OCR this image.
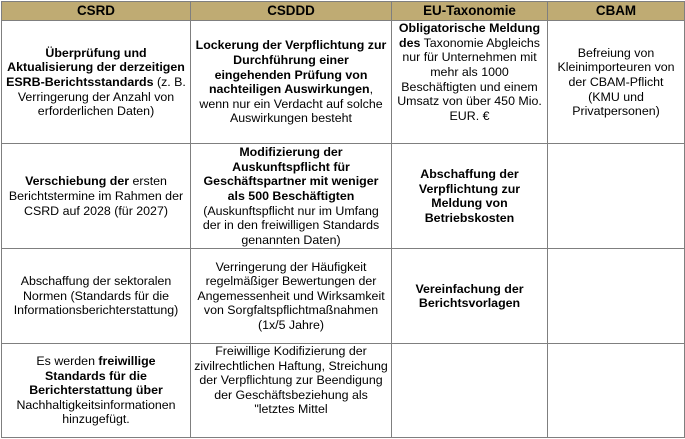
CSRD	CSDDD	EU-Taxonomie	CBAM
Überprüfung und Aktualisierung der derzeitigen ESRB-Berichtsstandards (z. B. Verringerung der Anzahl von erforderlichen Daten)	Lockerung der Verpflichtung zur Durchführung einer eingehenden Prüfung von nachteiligen Auswirkungen, wenn nur ein Verdacht auf solche Auswirkungen besteht	Obligatorische Meldung des Taxonomie Abgleichs nur für Unternehmen mit mehr als 1000 Beschäftigten und einem Umsatz von über 450 Mio. EUR. €	Befreiung von Kleinimporteuren von der CBAM-Pflicht (KMU und Privatpersonen)
Verschiebung der ersten Berichtstermine im Rahmen der CSRD auf 2028 (für 2027)	Modifizierung der Auskunftspflicht für Geschäftspartner mit weniger als 500 Beschäftigten (Auskunftspflicht nur im Umfang der in den freiwilligen Standards genannten Daten)	Abschaffung der Verpflichtung zur Meldung von Betriebskosten	
Abschaffung der sektoralen Normen (Standards für die Informationsberichterstattung)	Verringerung der Häufigkeit regelmäßiger Bewertungen der Angemessenheit und Wirksamkeit von Sorgfaltspflichtmaßnahmen (1x/5 Jahre)	Vereinfachung der Berichtsvorlagen	
Es werden freiwillige Standards für die Berichterstattung über Nachhaltigkeitsinformationen hinzugefügt.	Freiwillige Kodifizierung der zivilrechtlichen Haftung, Streichung der Verpflichtung zur Beendigung der Geschäftsbeziehung als "letztes Mittel		
